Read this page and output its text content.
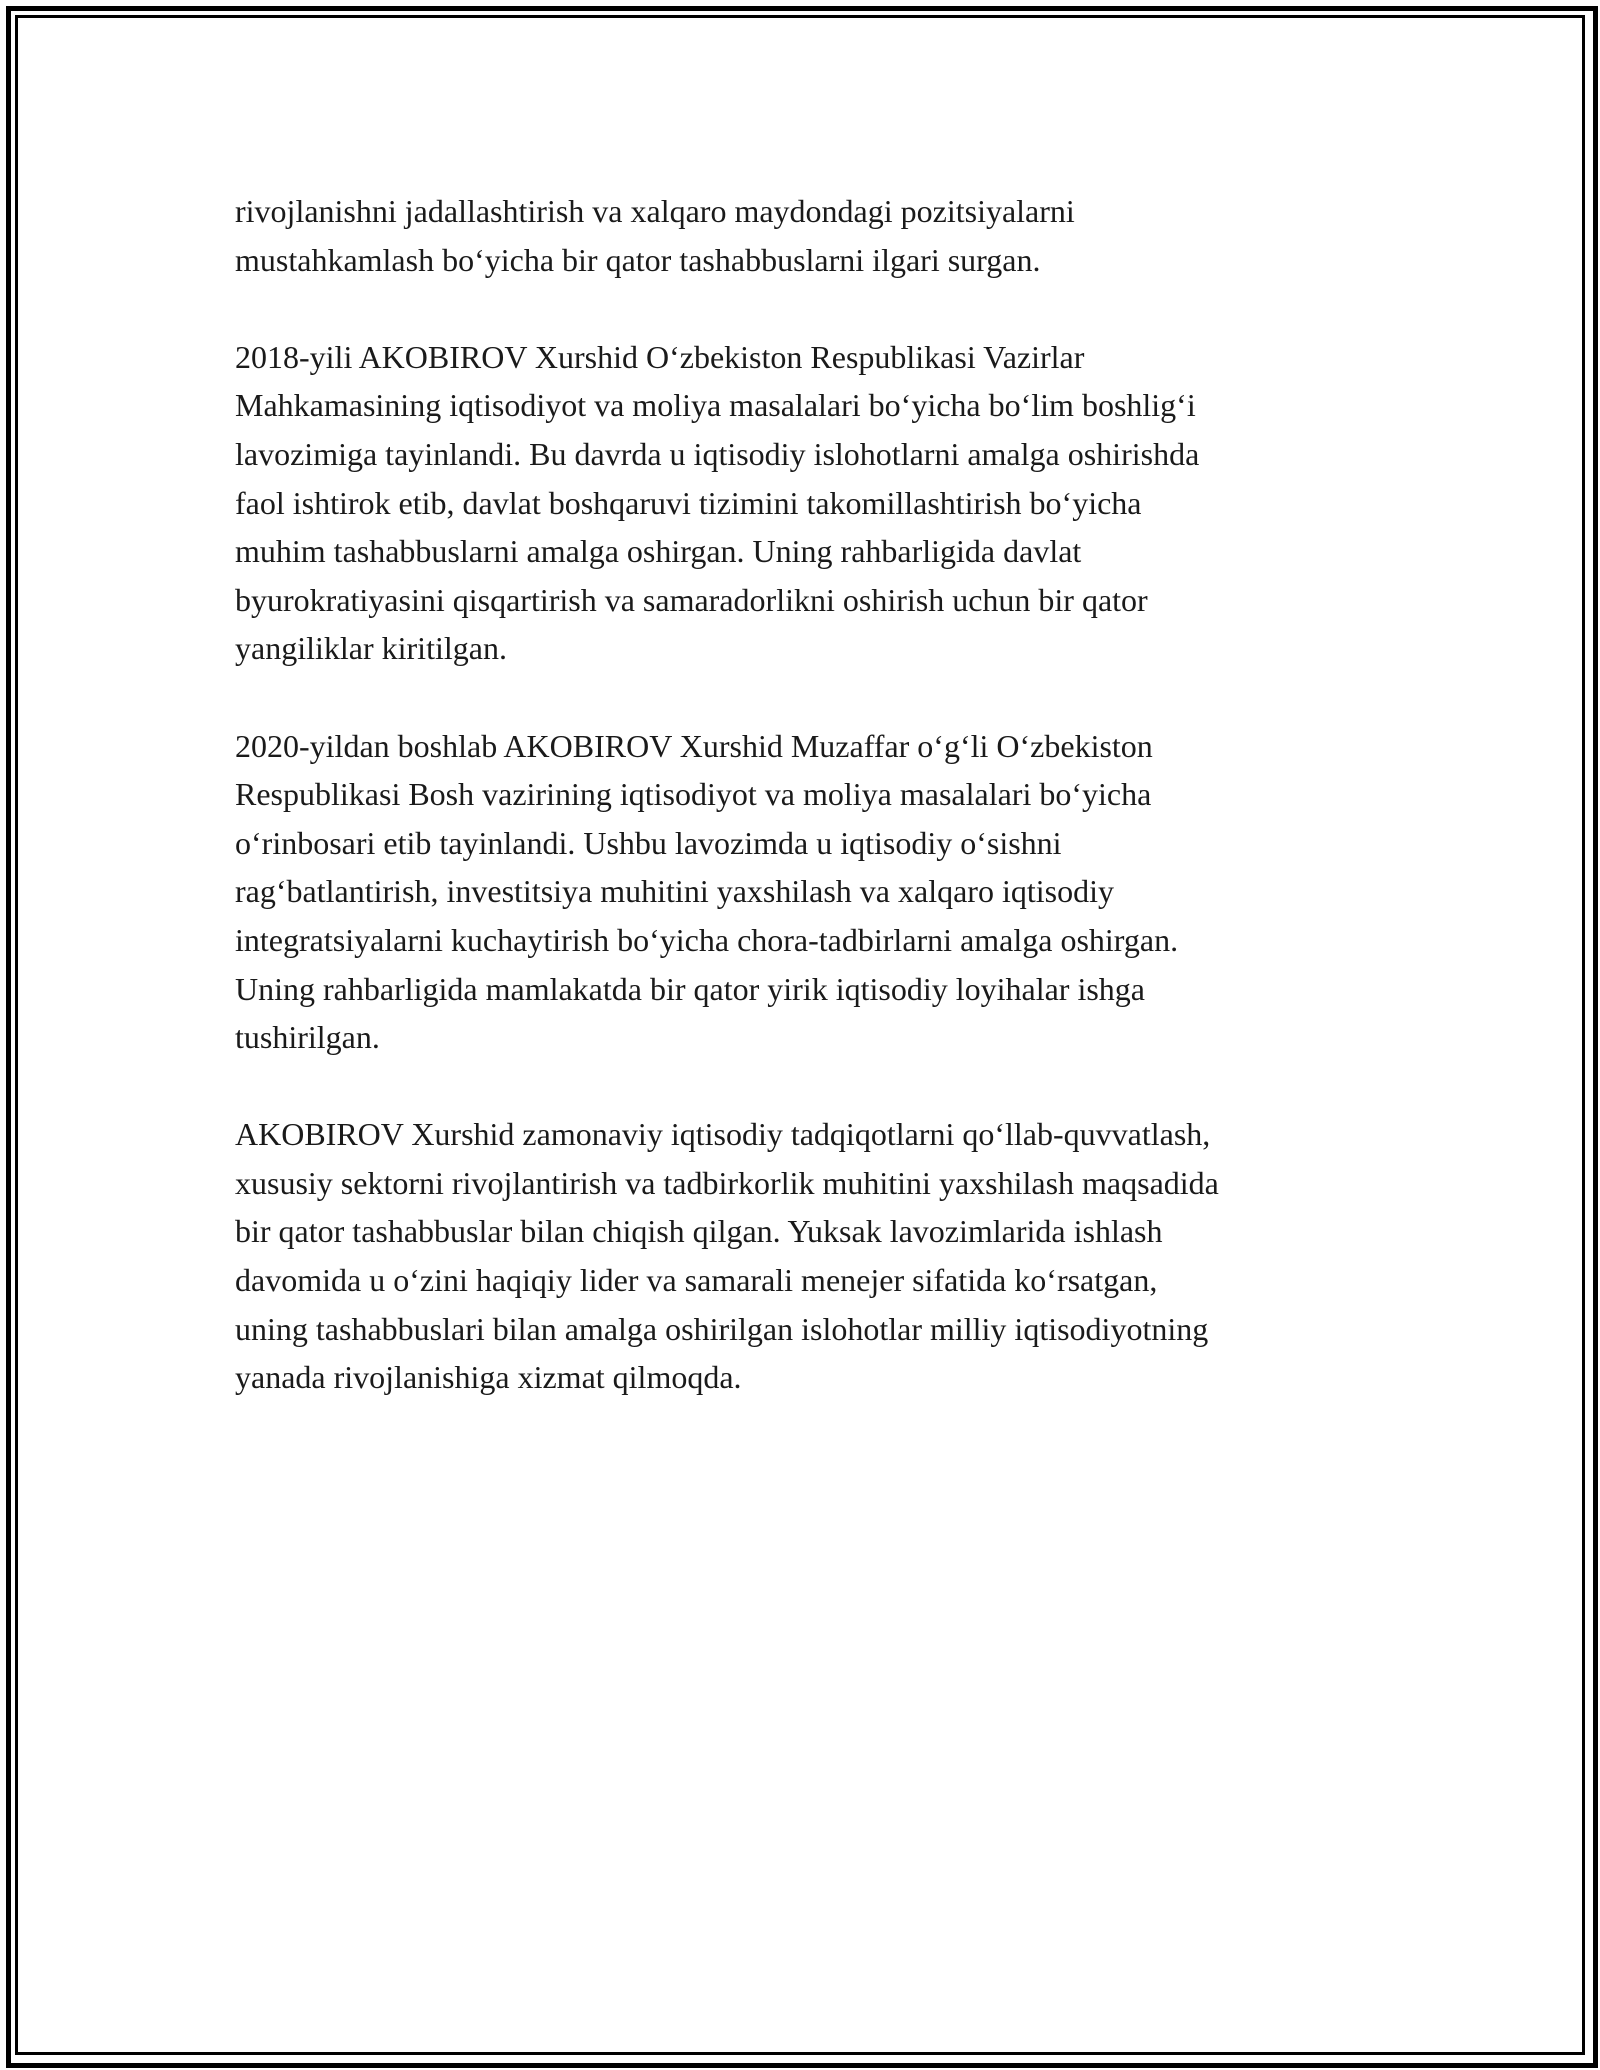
rivojlanishni jadallashtirish va xalqaro maydondagi pozitsiyalarni
mustahkamlash bo‘yicha bir qator tashabbuslarni ilgari surgan.

2018-yili AKOBIROV Xurshid O‘zbekiston Respublikasi Vazirlar
Mahkamasining iqtisodiyot va moliya masalalari bo‘yicha bo‘lim boshlig‘i
lavozimiga tayinlandi. Bu davrda u iqtisodiy islohotlarni amalga oshirishda
faol ishtirok etib, davlat boshqaruvi tizimini takomillashtirish bo‘yicha
muhim tashabbuslarni amalga oshirgan. Uning rahbarligida davlat
byurokratiyasini qisqartirish va samaradorlikni oshirish uchun bir qator
yangiliklar kiritilgan.

2020-yildan boshlab AKOBIROV Xurshid Muzaffar o‘g‘li O‘zbekiston
Respublikasi Bosh vazirining iqtisodiyot va moliya masalalari bo‘yicha
o‘rinbosari etib tayinlandi. Ushbu lavozimda u iqtisodiy o‘sishni
rag‘batlantirish, investitsiya muhitini yaxshilash va xalqaro iqtisodiy
integratsiyalarni kuchaytirish bo‘yicha chora-tadbirlarni amalga oshirgan.
Uning rahbarligida mamlakatda bir qator yirik iqtisodiy loyihalar ishga
tushirilgan.

AKOBIROV Xurshid zamonaviy iqtisodiy tadqiqotlarni qo‘llab-quvvatlash,
xususiy sektorni rivojlantirish va tadbirkorlik muhitini yaxshilash maqsadida
bir qator tashabbuslar bilan chiqish qilgan. Yuksak lavozimlarida ishlash
davomida u o‘zini haqiqiy lider va samarali menejer sifatida ko‘rsatgan,
uning tashabbuslari bilan amalga oshirilgan islohotlar milliy iqtisodiyotning
yanada rivojlanishiga xizmat qilmoqda.
